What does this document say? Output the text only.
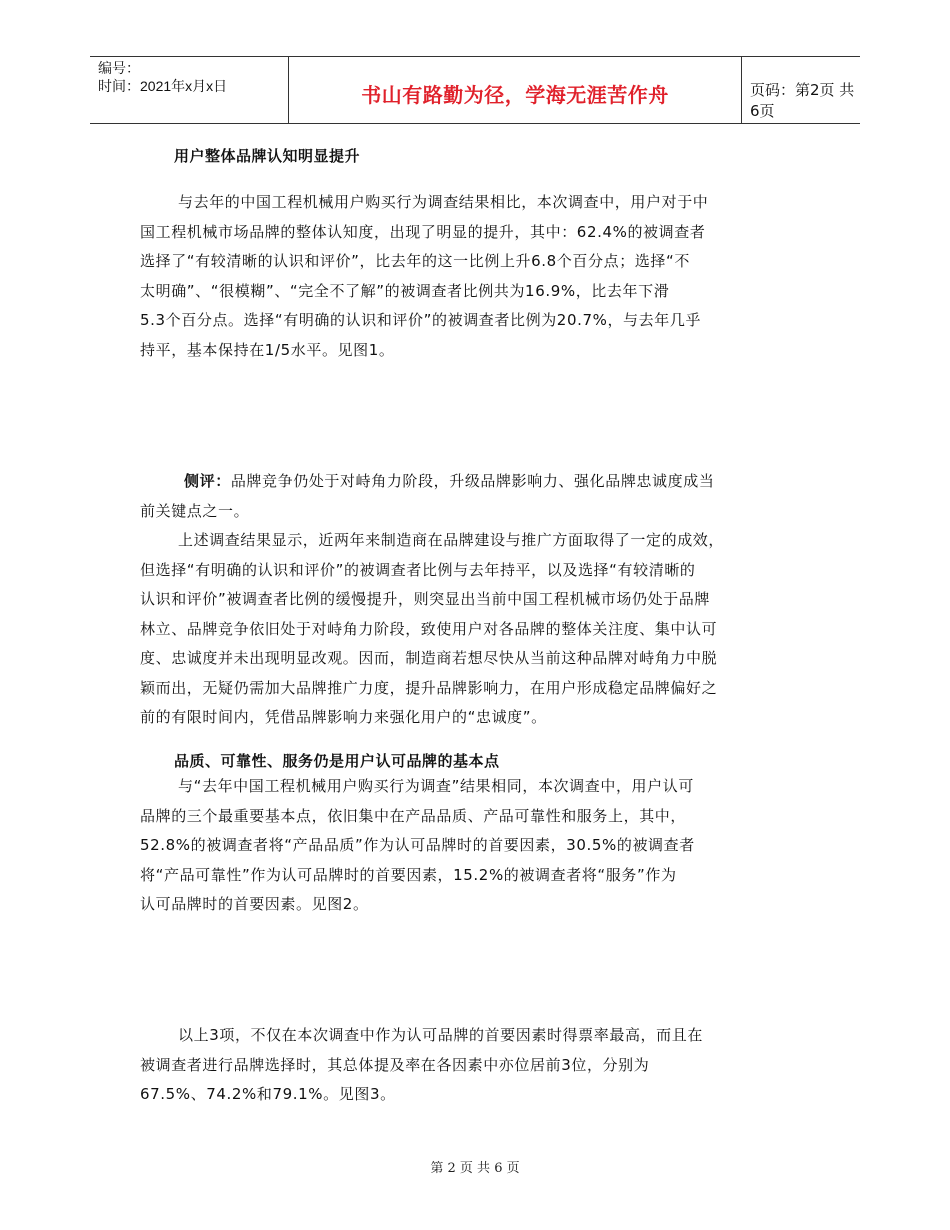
编号：
时间：2021年x月x日	书山有路勤为径，学海无涯苦作舟	页码：第2页 共6页
用户整体品牌认知明显提升
与去年的中国工程机械用户购买行为调查结果相比，本次调查中，用户对于中
国工程机械市场品牌的整体认知度，出现了明显的提升，其中：62.4%的被调查者
选择了“有较清晰的认识和评价”，比去年的这一比例上升6.8个百分点；选择“不
太明确”、“很模糊”、“完全不了解”的被调查者比例共为16.9%，比去年下滑
5.3个百分点。选择“有明确的认识和评价”的被调查者比例为20.7%，与去年几乎
持平，基本保持在1/5水平。见图1。
侧评：品牌竞争仍处于对峙角力阶段，升级品牌影响力、强化品牌忠诚度成当
前关键点之一。
上述调查结果显示，近两年来制造商在品牌建设与推广方面取得了一定的成效，
但选择“有明确的认识和评价”的被调查者比例与去年持平，以及选择“有较清晰的
认识和评价”被调查者比例的缓慢提升，则突显出当前中国工程机械市场仍处于品牌
林立、品牌竞争依旧处于对峙角力阶段，致使用户对各品牌的整体关注度、集中认可
度、忠诚度并未出现明显改观。因而，制造商若想尽快从当前这种品牌对峙角力中脱
颖而出，无疑仍需加大品牌推广力度，提升品牌影响力，在用户形成稳定品牌偏好之
前的有限时间内，凭借品牌影响力来强化用户的“忠诚度”。
品质、可靠性、服务仍是用户认可品牌的基本点
与“去年中国工程机械用户购买行为调查”结果相同，本次调查中，用户认可
品牌的三个最重要基本点，依旧集中在产品品质、产品可靠性和服务上，其中，
52.8%的被调查者将“产品品质”作为认可品牌时的首要因素，30.5%的被调查者
将“产品可靠性”作为认可品牌时的首要因素，15.2%的被调查者将“服务”作为
认可品牌时的首要因素。见图2。
以上3项，不仅在本次调查中作为认可品牌的首要因素时得票率最高，而且在
被调查者进行品牌选择时，其总体提及率在各因素中亦位居前3位，分别为
67.5%、74.2%和79.1%。见图3。
第 2 页 共 6 页
